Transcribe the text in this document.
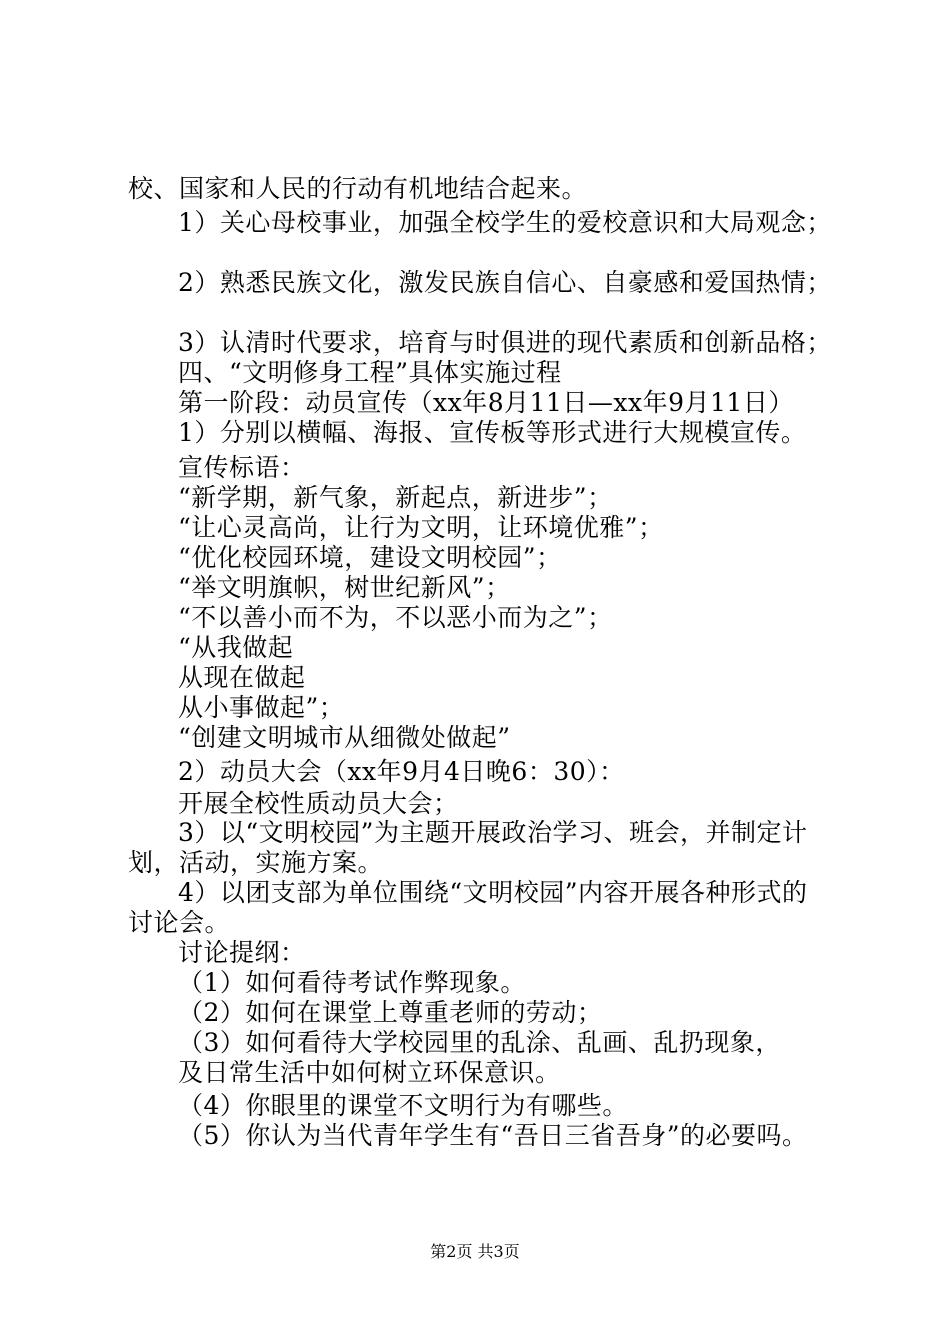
校、国家和人民的行动有机地结合起来。
1）关心母校事业，加强全校学生的爱校意识和大局观念；
2）熟悉民族文化，激发民族自信心、自豪感和爱国热情；
3）认清时代要求，培育与时俱进的现代素质和创新品格；
四、“文明修身工程”具体实施过程
第一阶段：动员宣传（xx年8月11日—xx年9月11日）
1）分别以横幅、海报、宣传板等形式进行大规模宣传。
宣传标语：
“新学期，新气象，新起点，新进步”；
“让心灵高尚，让行为文明，让环境优雅”；
“优化校园环境，建设文明校园”；
“举文明旗帜，树世纪新风”；
“不以善小而不为，不以恶小而为之”；
“从我做起
从现在做起
从小事做起”；
“创建文明城市从细微处做起”
2）动员大会（xx年9月4日晚6：30）：
开展全校性质动员大会；
3）以“文明校园”为主题开展政治学习、班会，并制定计
划，活动，实施方案。
4）以团支部为单位围绕“文明校园”内容开展各种形式的
讨论会。
讨论提纲：
（1）如何看待考试作弊现象。
（2）如何在课堂上尊重老师的劳动；
（3）如何看待大学校园里的乱涂、乱画、乱扔现象，
及日常生活中如何树立环保意识。
（4）你眼里的课堂不文明行为有哪些。
（5）你认为当代青年学生有“吾日三省吾身”的必要吗。
第2页 共3页
